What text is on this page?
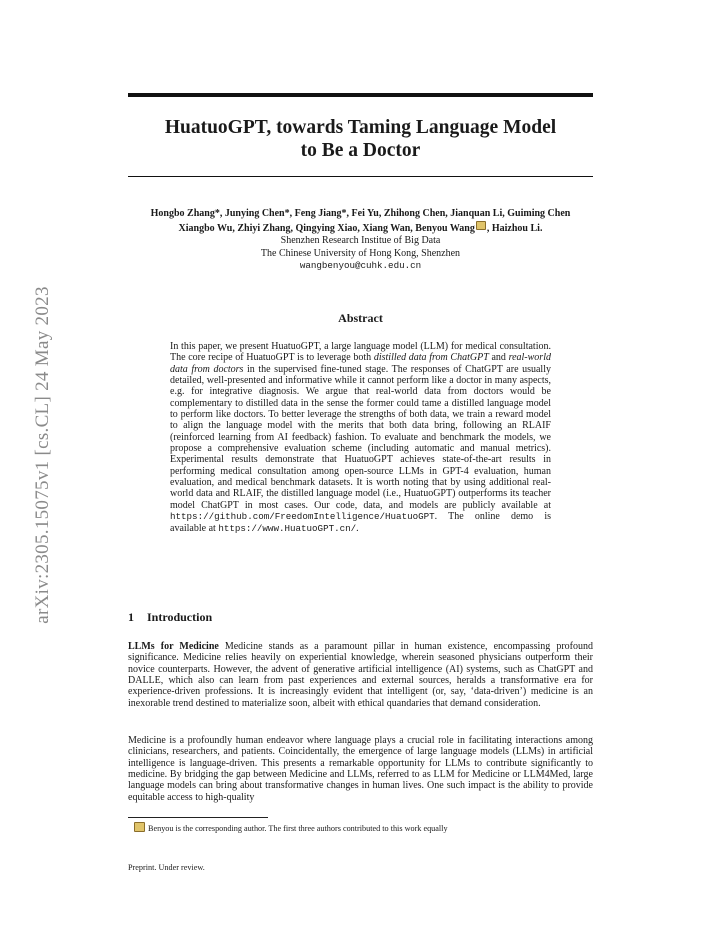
arXiv:2305.15075v1 [cs.CL] 24 May 2023
HuatuoGPT, towards Taming Language Model
to Be a Doctor
Hongbo Zhang*, Junying Chen*, Feng Jiang*, Fei Yu, Zhihong Chen, Jianquan Li, Guiming Chen
Xiangbo Wu, Zhiyi Zhang, Qingying Xiao, Xiang Wan, Benyou Wang , Haizhou Li.
Shenzhen Research Institue of Big Data
The Chinese University of Hong Kong, Shenzhen
wangbenyou@cuhk.edu.cn
Abstract
In this paper, we present HuatuoGPT, a large language model (LLM) for medical consultation. The core recipe of HuatuoGPT is to leverage both distilled data from ChatGPT and real-world data from doctors in the supervised fine-tuned stage. The responses of ChatGPT are usually detailed, well-presented and informative while it cannot perform like a doctor in many aspects, e.g. for integrative diagnosis. We argue that real-world data from doctors would be complementary to distilled data in the sense the former could tame a distilled language model to perform like doctors. To better leverage the strengths of both data, we train a reward model to align the language model with the merits that both data bring, following an RLAIF (reinforced learning from AI feedback) fashion. To evaluate and benchmark the models, we propose a comprehensive evaluation scheme (including automatic and manual metrics). Experimental results demonstrate that HuatuoGPT achieves state-of-the-art results in performing medical consultation among open-source LLMs in GPT-4 evaluation, human evaluation, and medical benchmark datasets. It is worth noting that by using additional real-world data and RLAIF, the distilled language model (i.e., HuatuoGPT) outperforms its teacher model ChatGPT in most cases. Our code, data, and models are publicly available at https://github.com/FreedomIntelligence/HuatuoGPT. The online demo is available at https://www.HuatuoGPT.cn/.
1 Introduction
LLMs for Medicine Medicine stands as a paramount pillar in human existence, encompassing profound significance. Medicine relies heavily on experiential knowledge, wherein seasoned physicians outperform their novice counterparts. However, the advent of generative artificial intelligence (AI) systems, such as ChatGPT and DALLE, which also can learn from past experiences and external sources, heralds a transformative era for experience-driven professions. It is increasingly evident that intelligent (or, say, ‘data-driven’) medicine is an inexorable trend destined to materialize soon, albeit with ethical quandaries that demand consideration.
Medicine is a profoundly human endeavor where language plays a crucial role in facilitating interactions among clinicians, researchers, and patients. Coincidentally, the emergence of large language models (LLMs) in artificial intelligence is language-driven. This presents a remarkable opportunity for LLMs to contribute significantly to medicine. By bridging the gap between Medicine and LLMs, referred to as LLM for Medicine or LLM4Med, large language models can bring about transformative changes in human lives. One such impact is the ability to provide equitable access to high-quality
Benyou is the corresponding author. The first three authors contributed to this work equally
Preprint. Under review.
